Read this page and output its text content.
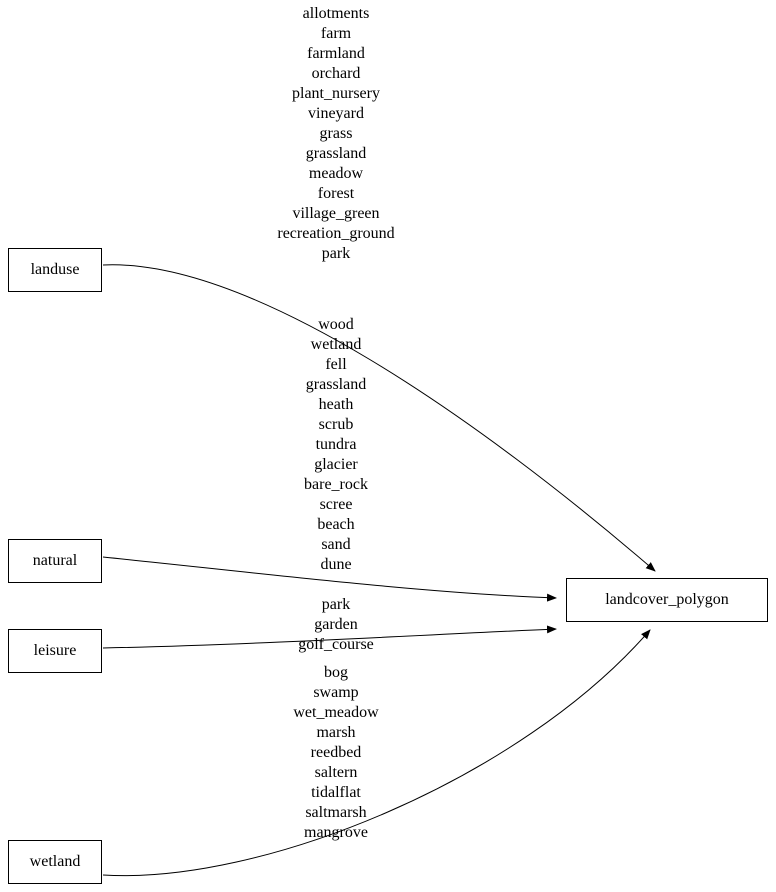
landuse
natural
leisure
wetland
landcover_polygon
allotments
farm
farmland
orchard
plant_nursery
vineyard
grass
grassland
meadow
forest
village_green
recreation_ground
park
wood
wetland
fell
grassland
heath
scrub
tundra
glacier
bare_rock
scree
beach
sand
dune
park
garden
golf_course
bog
swamp
wet_meadow
marsh
reedbed
saltern
tidalflat
saltmarsh
mangrove
